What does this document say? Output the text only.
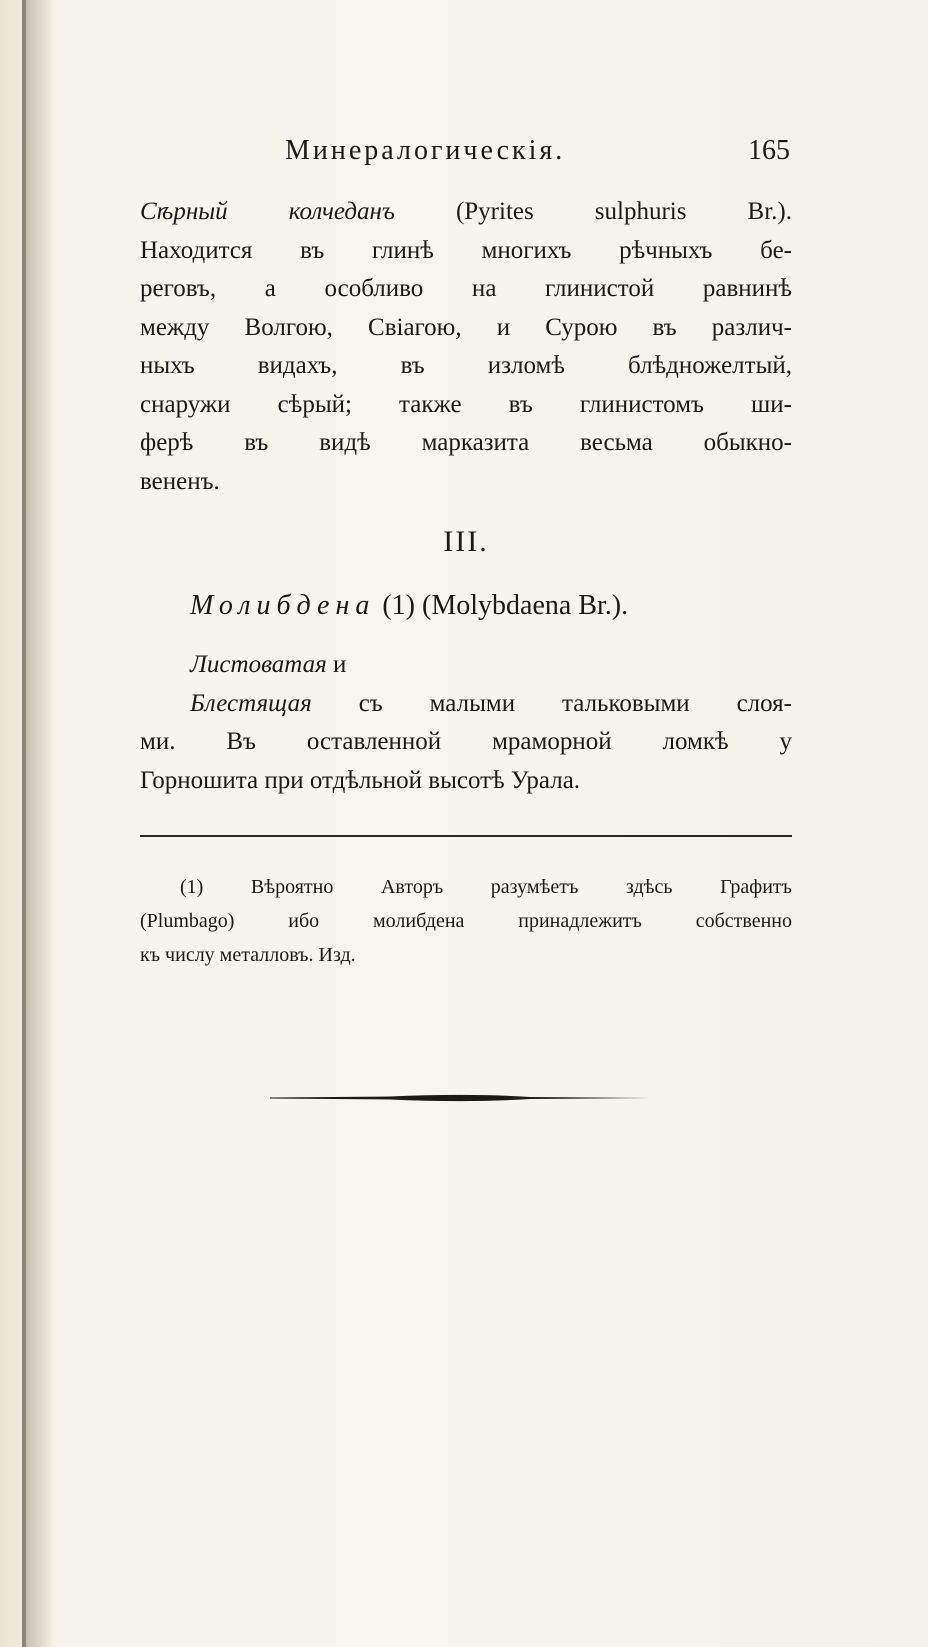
Минералогическія.	165
Сѣрный колчеданъ (Pyrites sulphuris Br.).
Находится въ глинѣ многихъ рѣчныхъ бе-
реговъ, а особливо на глинистой равнинѣ
между Волгою, Свіагою, и Сурою въ различ-
ныхъ видахъ, въ изломѣ блѣдножелтый,
снаружи сѣрый; также въ глинистомъ ши-
ферѣ въ видѣ марказита весьма обыкно-
вененъ.
III.
Молибдена (1) (Molybdaena Br.).
Листоватая и
Блестящая съ малыми тальковыми слоя-
ми. Въ оставленной мраморной ломкѣ у
Горношита при отдѣльной высотѣ Урала.
(1) Вѣроятно Авторъ разумѣетъ здѣсь Графитъ
(Plumbago) ибо молибдена принадлежитъ собственно
къ числу металловъ. Изд.
